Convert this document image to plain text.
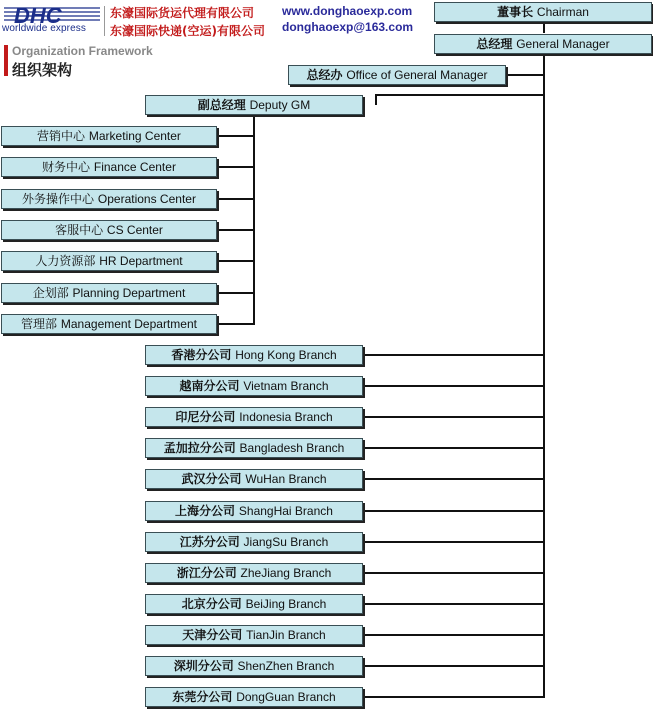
DHC
worldwide express
东濠国际货运代理有限公司
东濠国际快递(空运)有限公司
www.donghaoexp.com
donghaoexp@163.com
Organization Framework
组织架构
董事长 Chairman
总经理 General Manager
总经办 Office of General Manager
副总经理 Deputy GM
营销中心 Marketing Center
财务中心 Finance Center
外务操作中心 Operations Center
客服中心 CS Center
人力资源部 HR Department
企划部 Planning Department
管理部 Management Department
香港分公司 Hong Kong Branch
越南分公司 Vietnam Branch
印尼分公司 Indonesia Branch
孟加拉分公司 Bangladesh Branch
武汉分公司 WuHan Branch
上海分公司 ShangHai Branch
江苏分公司 JiangSu Branch
浙江分公司 ZheJiang Branch
北京分公司 BeiJing Branch
天津分公司 TianJin Branch
深圳分公司 ShenZhen Branch
东莞分公司 DongGuan Branch
